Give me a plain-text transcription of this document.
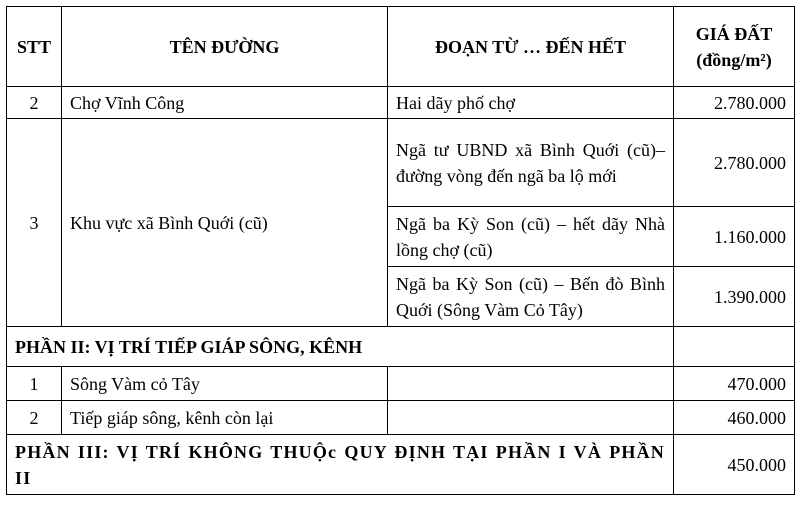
STT	TÊN ĐƯỜNG	ĐOẠN TỪ … ĐẾN HẾT	GIÁ ĐẤT
(đồng/m²)

2	Chợ Vĩnh Công	Hai dãy phố chợ	2.780.000
3	Khu vực xã Bình Quới (cũ)	Ngã tư UBND xã Bình Quới (cũ)– đường vòng đến ngã ba lộ mới	2.780.000
		Ngã ba Kỳ Son (cũ) – hết dãy Nhà lồng chợ (cũ)	1.160.000
		Ngã ba Kỳ Son (cũ) – Bến đò Bình Quới (Sông Vàm Cỏ Tây)	1.390.000
PHẦN II: VỊ TRÍ TIẾP GIÁP SÔNG, KÊNH			
1	Sông Vàm cỏ Tây		470.000
2	Tiếp giáp sông, kênh còn lại		460.000
PHẦN III: VỊ TRÍ KHÔNG THUỘc QUY ĐỊNH TẠI PHẦN I VÀ PHẦN II			450.000
